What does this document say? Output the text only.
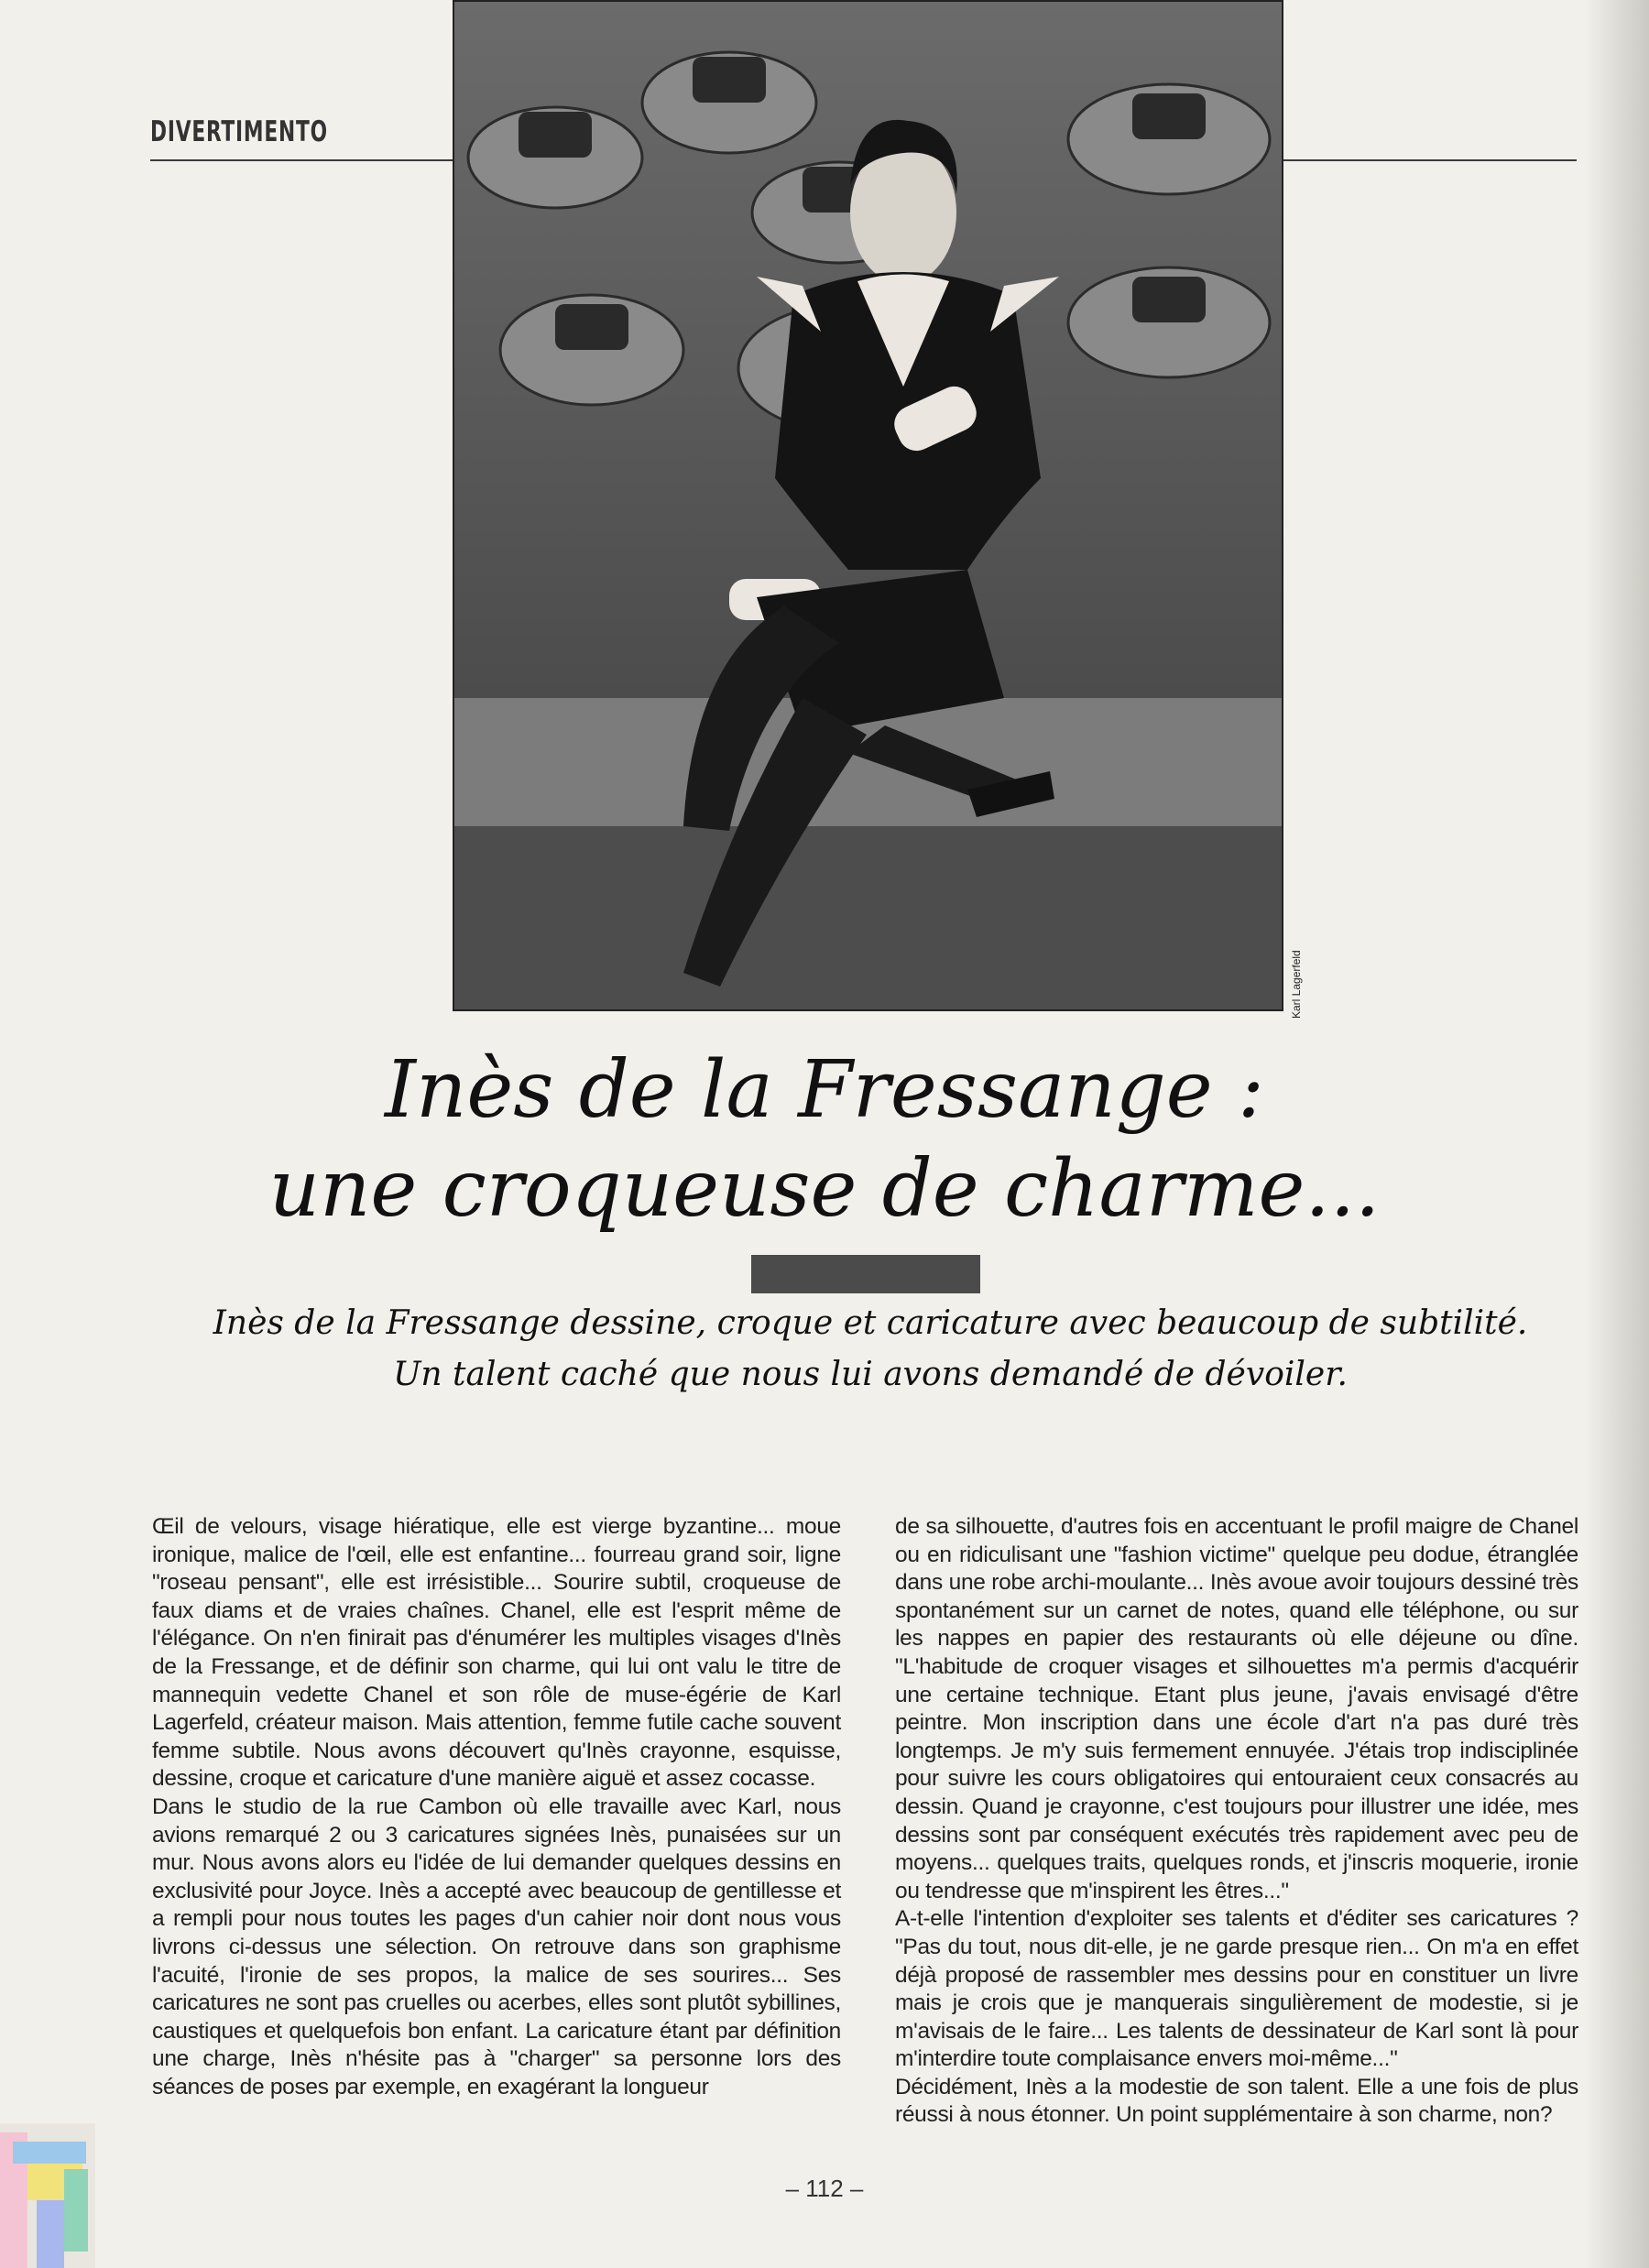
DIVERTIMENTO
Karl Lagerfeld
Inès de la Fressange :
une croqueuse de charme...
Inès de la Fressange dessine, croque et caricature avec beaucoup de subtilité.
Un talent caché que nous lui avons demandé de dévoiler.

Œil de velours, visage hiératique, elle est vierge byzantine... moue ironique, malice de l'œil, elle est enfantine... fourreau grand soir, ligne "roseau pensant", elle est irrésistible... Sourire subtil, croqueuse de faux diams et de vraies chaînes. Chanel, elle est l'esprit même de l'élégance. On n'en finirait pas d'énumérer les multiples visages d'Inès de la Fressange, et de définir son charme, qui lui ont valu le titre de mannequin vedette Chanel et son rôle de muse-égérie de Karl Lagerfeld, créateur maison. Mais attention, femme futile cache souvent femme subtile. Nous avons découvert qu'Inès crayonne, esquisse, dessine, croque et caricature d'une manière aiguë et assez cocasse.

Dans le studio de la rue Cambon où elle travaille avec Karl, nous avions remarqué 2 ou 3 caricatures signées Inès, punaisées sur un mur. Nous avons alors eu l'idée de lui demander quelques dessins en exclusivité pour Joyce. Inès a accepté avec beaucoup de gentillesse et a rempli pour nous toutes les pages d'un cahier noir dont nous vous livrons ci-dessus une sélection. On retrouve dans son graphisme l'acuité, l'ironie de ses propos, la malice de ses sourires... Ses caricatures ne sont pas cruelles ou acerbes, elles sont plutôt sybillines, caustiques et quelquefois bon enfant. La caricature étant par définition une charge, Inès n'hésite pas à "charger" sa personne lors des séances de poses par exemple, en exagérant la longueur

de sa silhouette, d'autres fois en accentuant le profil maigre de Chanel ou en ridiculisant une "fashion victime" quelque peu dodue, étranglée dans une robe archi-moulante... Inès avoue avoir toujours dessiné très spontanément sur un carnet de notes, quand elle téléphone, ou sur les nappes en papier des restaurants où elle déjeune ou dîne. "L'habitude de croquer visages et silhouettes m'a permis d'acquérir une certaine technique. Etant plus jeune, j'avais envisagé d'être peintre. Mon inscription dans une école d'art n'a pas duré très longtemps. Je m'y suis fermement ennuyée. J'étais trop indisciplinée pour suivre les cours obligatoires qui entouraient ceux consacrés au dessin. Quand je crayonne, c'est toujours pour illustrer une idée, mes dessins sont par conséquent exécutés très rapidement avec peu de moyens... quelques traits, quelques ronds, et j'inscris moquerie, ironie ou tendresse que m'inspirent les êtres..."

A-t-elle l'intention d'exploiter ses talents et d'éditer ses caricatures ? "Pas du tout, nous dit-elle, je ne garde presque rien... On m'a en effet déjà proposé de rassembler mes dessins pour en constituer un livre mais je crois que je manquerais singulièrement de modestie, si je m'avisais de le faire... Les talents de dessinateur de Karl sont là pour m'interdire toute complaisance envers moi-même..."

Décidément, Inès a la modestie de son talent. Elle a une fois de plus réussi à nous étonner. Un point supplémentaire à son charme, non?

– 112 –
